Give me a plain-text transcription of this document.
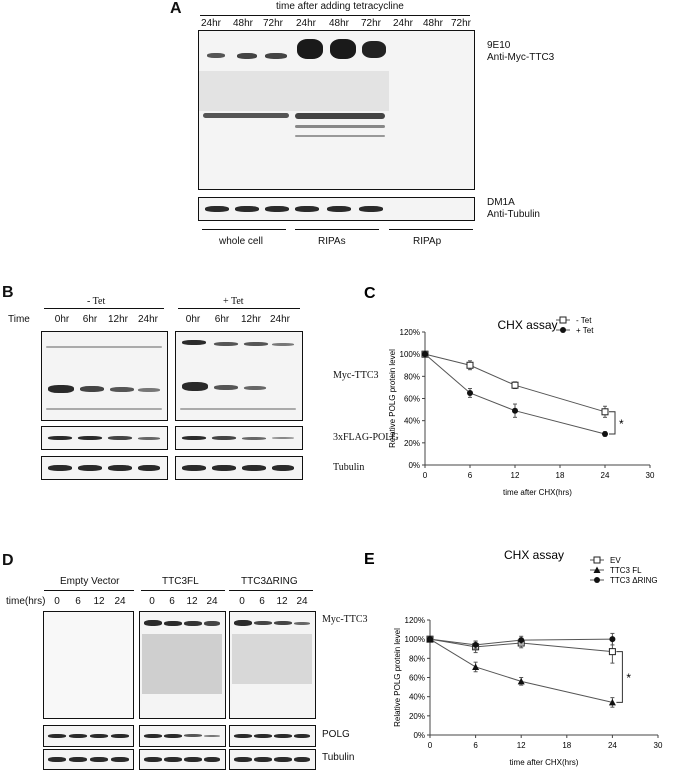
A	time after adding tetracycline
24hr 48hr 72hr 24hr 48hr 72hr 24hr 48hr 72hr
9E10
Anti-Myc-TTC3
DM1A
Anti-Tubulin
whole cell	RIPAs	RIPAp
B
- Tet	+ Tet
Time 0hr 6hr 12hr 24hr	0hr 6hr 12hr 24hr
Myc-TTC3
3xFLAG-POLG
Tubulin
D
Empty Vector	TTC3FL	TTC3ΔRING
time(hrs) 0 6 12 24 0 6 12 24 0 6 12 24
Myc-TTC3
POLG
Tubulin
C
CHX assay
0%
20%
40%
60%
80%
100%
120%
0	6	12	18	24	30
time after CHX(hrs)
Relative POLG protein level	*
- Tet
+ Tet
E	CHX assay
0%
20%
40%
60%
80%
100%
120%
0	6	12	18	24	30
time after CHX(hrs)
Relative POLG protein level	*
EV
TTC3 FL
TTC3 ΔRING
